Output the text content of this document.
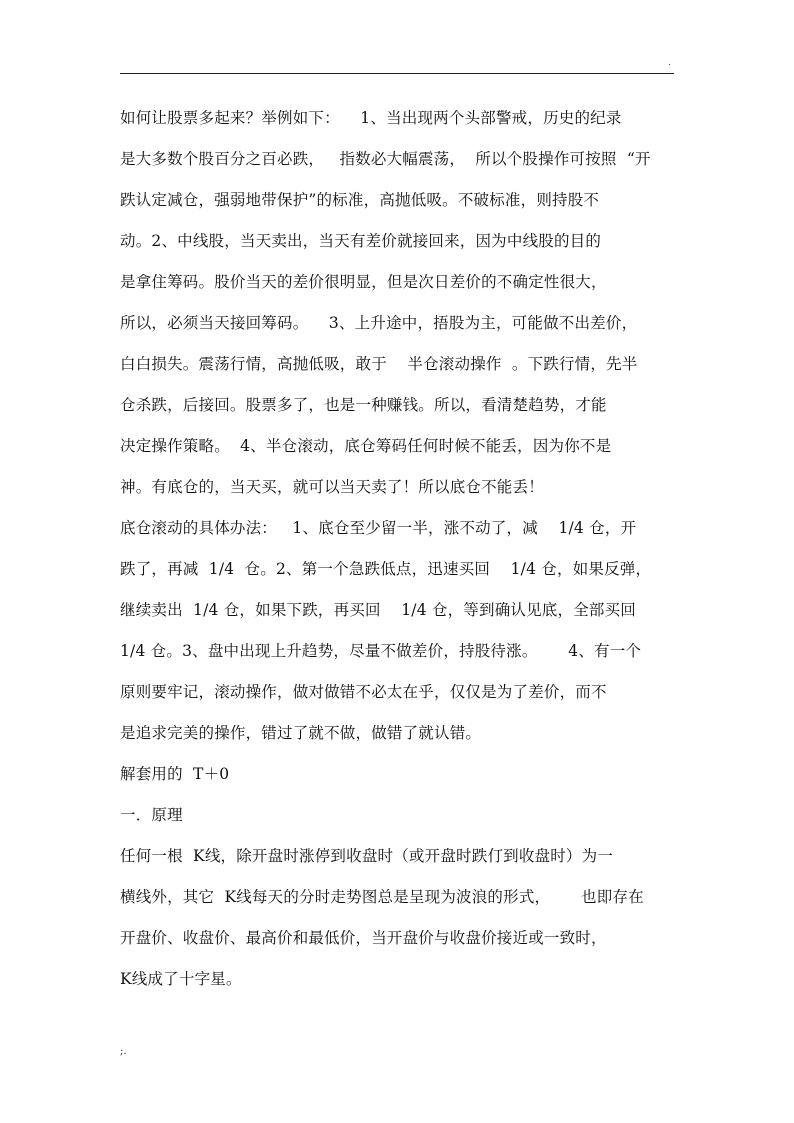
.
如何让股票多起来？举例如下：    1、当出现两个头部警戒，历史的纪录
是大多数个股百分之百必跌，   指数必大幅震荡，  所以个股操作可按照  “开
跌认定减仓，强弱地带保护”的标准，高抛低吸。不破标准，则持股不
动。2、中线股，当天卖出，当天有差价就接回来，因为中线股的目的
是拿住筹码。股价当天的差价很明显，但是次日差价的不确定性很大，
所以，必须当天接回筹码。    3、上升途中，捂股为主，可能做不出差价，
白白损失。震荡行情，高抛低吸，敢于    半仓滚动操作  。下跌行情，先半
仓杀跌，后接回。股票多了，也是一种赚钱。所以，看清楚趋势，才能
决定操作策略。  4、半仓滚动，底仓筹码任何时候不能丢，因为你不是
神。有底仓的，当天买，就可以当天卖了！所以底仓不能丢！
底仓滚动的具体办法：   1、底仓至少留一半，涨不动了，减    1/4 仓，开
跌了，再减  1/4  仓。2、第一个急跌低点，迅速买回    1/4 仓，如果反弹，
继续卖出  1/4 仓，如果下跌，再买回    1/4 仓，等到确认见底，全部买回
1/4 仓。3、盘中出现上升趋势，尽量不做差价，持股待涨。      4、有一个
原则要牢记，滚动操作，做对做错不必太在乎，仅仅是为了差价，而不
是追求完美的操作，错过了就不做，做错了就认错。
解套用的  T＋0
一．原理
任何一根  K线，除开盘时涨停到收盘时（或开盘时跌仃到收盘时）为一
横线外，其它  K线每天的分时走势图总是呈现为波浪的形式，      也即存在
开盘价、收盘价、最高价和最低价，当开盘价与收盘价接近或一致时，
K线成了十字星。
;.
